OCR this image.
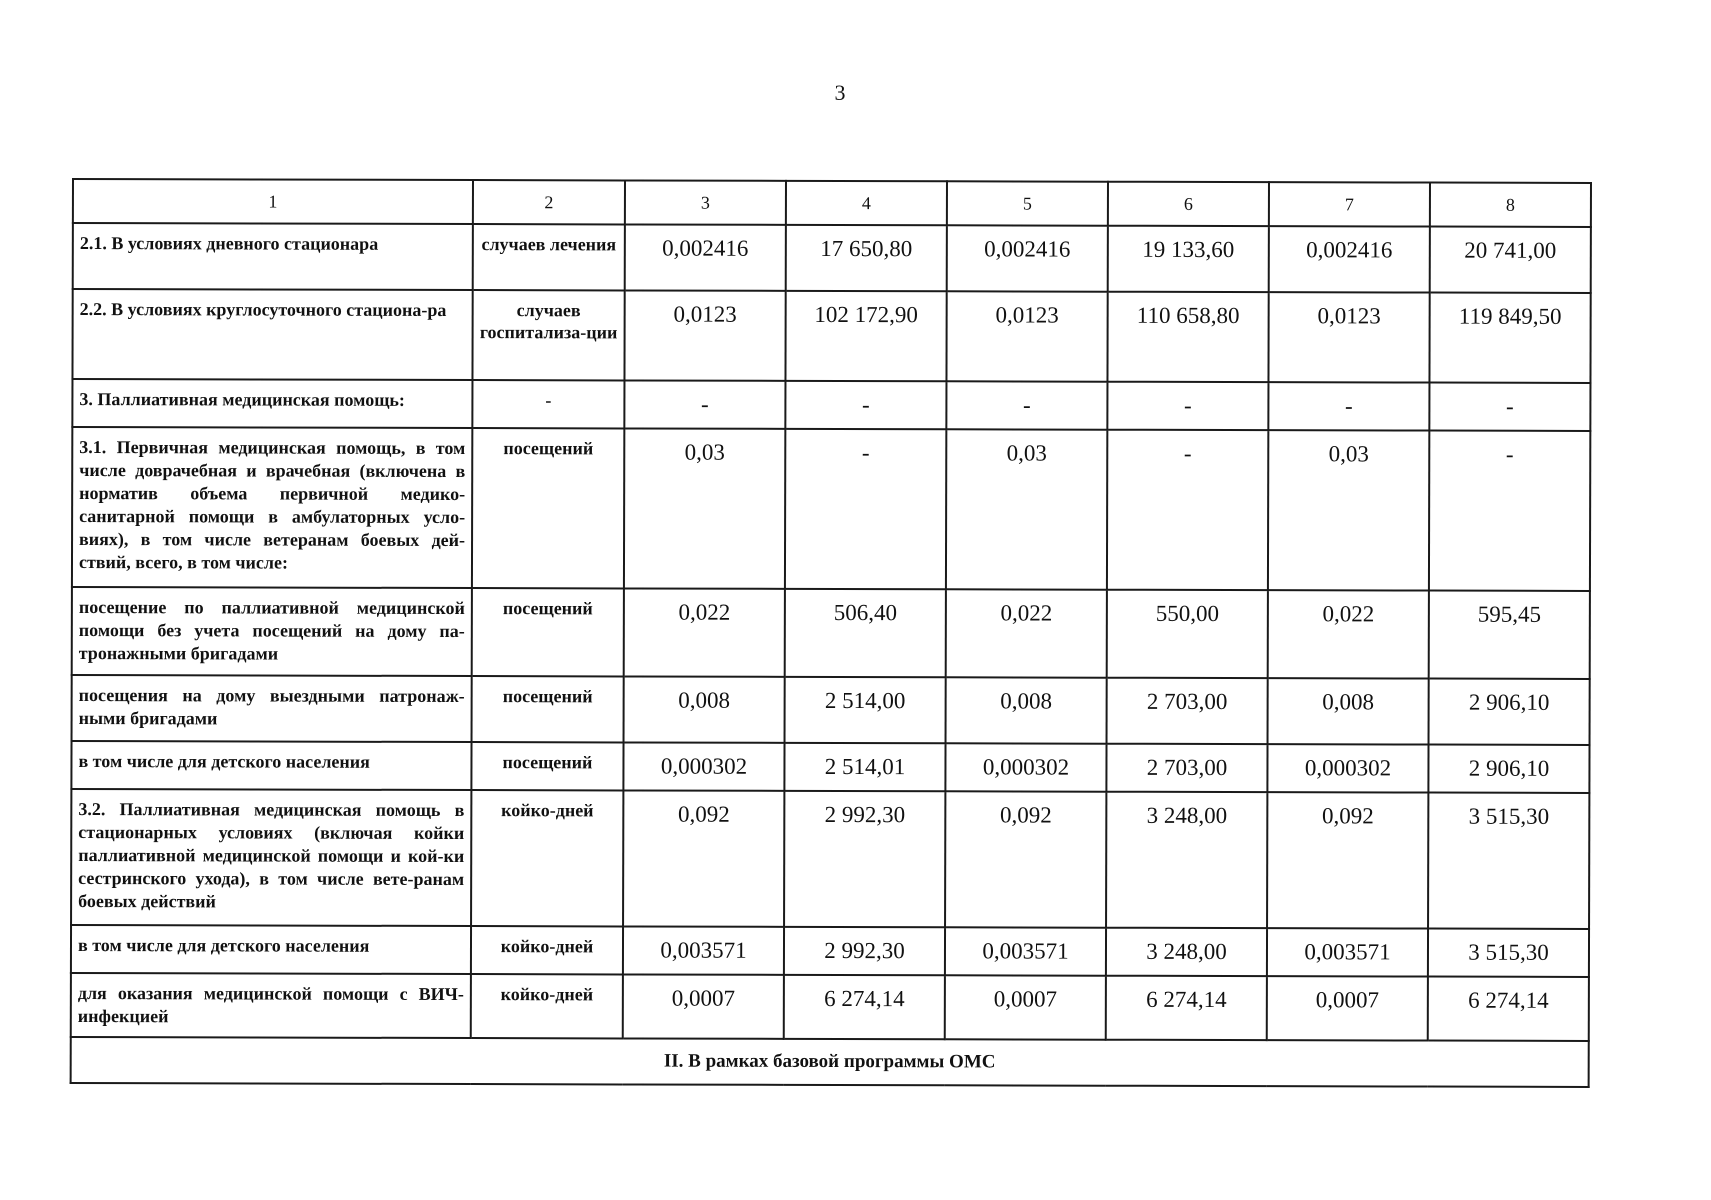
3
1	2	3	4	5	6	7	8
2.1. В условиях дневного стационара	случаев лечения	0,002416	17 650,80	0,002416	19 133,60	0,002416	20 741,00
2.2. В условиях круглосуточного стациона-ра	случаев госпитализа-ции	0,0123	102 172,90	0,0123	110 658,80	0,0123	119 849,50
3. Паллиативная медицинская помощь:	-	-	-	-	-	-	-
3.1. Первичная медицинская помощь, в том числе доврачебная и врачебная (включена в норматив объема первичной медико-санитарной помощи в амбулаторных усло-виях), в том числе ветеранам боевых дей-ствий, всего, в том числе:	посещений	0,03	-	0,03	-	0,03	-
посещение по паллиативной медицинской помощи без учета посещений на дому па-тронажными бригадами	посещений	0,022	506,40	0,022	550,00	0,022	595,45
посещения на дому выездными патронаж-ными бригадами	посещений	0,008	2 514,00	0,008	2 703,00	0,008	2 906,10
в том числе для детского населения	посещений	0,000302	2 514,01	0,000302	2 703,00	0,000302	2 906,10
3.2. Паллиативная медицинская помощь в стационарных условиях (включая койки паллиативной медицинской помощи и кой-ки сестринского ухода), в том числе вете-ранам боевых действий	койко-дней	0,092	2 992,30	0,092	3 248,00	0,092	3 515,30
в том числе для детского населения	койко-дней	0,003571	2 992,30	0,003571	3 248,00	0,003571	3 515,30
для оказания медицинской помощи с ВИЧ-инфекцией	койко-дней	0,0007	6 274,14	0,0007	6 274,14	0,0007	6 274,14
II. В рамках базовой программы ОМС							
